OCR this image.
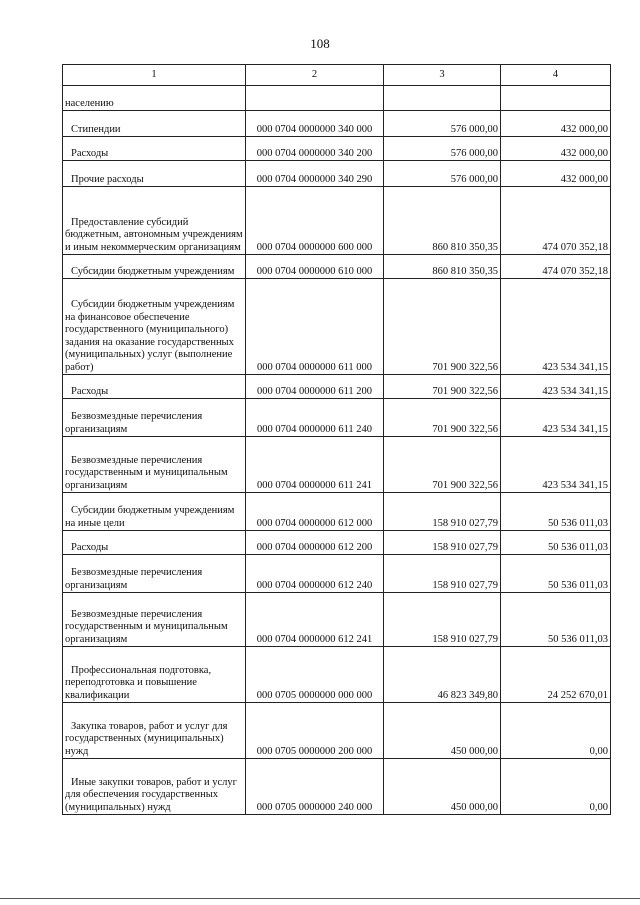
108
1	2	3	4
населению			
Стипендии	000 0704 0000000 340 000	576 000,00	432 000,00
Расходы	000 0704 0000000 340 200	576 000,00	432 000,00
Прочие расходы	000 0704 0000000 340 290	576 000,00	432 000,00
Предоставление субсидий бюджетным, автономным учреждениям и иным некоммерческим организациям	000 0704 0000000 600 000	860 810 350,35	474 070 352,18
Субсидии бюджетным учреждениям	000 0704 0000000 610 000	860 810 350,35	474 070 352,18
Субсидии бюджетным учреждениям на финансовое обеспечение государственного (муниципального) задания на оказание государственных (муниципальных) услуг (выполнение работ)	000 0704 0000000 611 000	701 900 322,56	423 534 341,15
Расходы	000 0704 0000000 611 200	701 900 322,56	423 534 341,15
Безвозмездные перечисления организациям	000 0704 0000000 611 240	701 900 322,56	423 534 341,15
Безвозмездные перечисления государственным и муниципальным организациям	000 0704 0000000 611 241	701 900 322,56	423 534 341,15
Субсидии бюджетным учреждениям на иные цели	000 0704 0000000 612 000	158 910 027,79	50 536 011,03
Расходы	000 0704 0000000 612 200	158 910 027,79	50 536 011,03
Безвозмездные перечисления организациям	000 0704 0000000 612 240	158 910 027,79	50 536 011,03
Безвозмездные перечисления государственным и муниципальным организациям	000 0704 0000000 612 241	158 910 027,79	50 536 011,03
Профессиональная подготовка, переподготовка и повышение квалификации	000 0705 0000000 000 000	46 823 349,80	24 252 670,01
Закупка товаров, работ и услуг для государственных (муниципальных) нужд	000 0705 0000000 200 000	450 000,00	0,00
Иные закупки товаров, работ и услуг для обеспечения государственных (муниципальных) нужд	000 0705 0000000 240 000	450 000,00	0,00
